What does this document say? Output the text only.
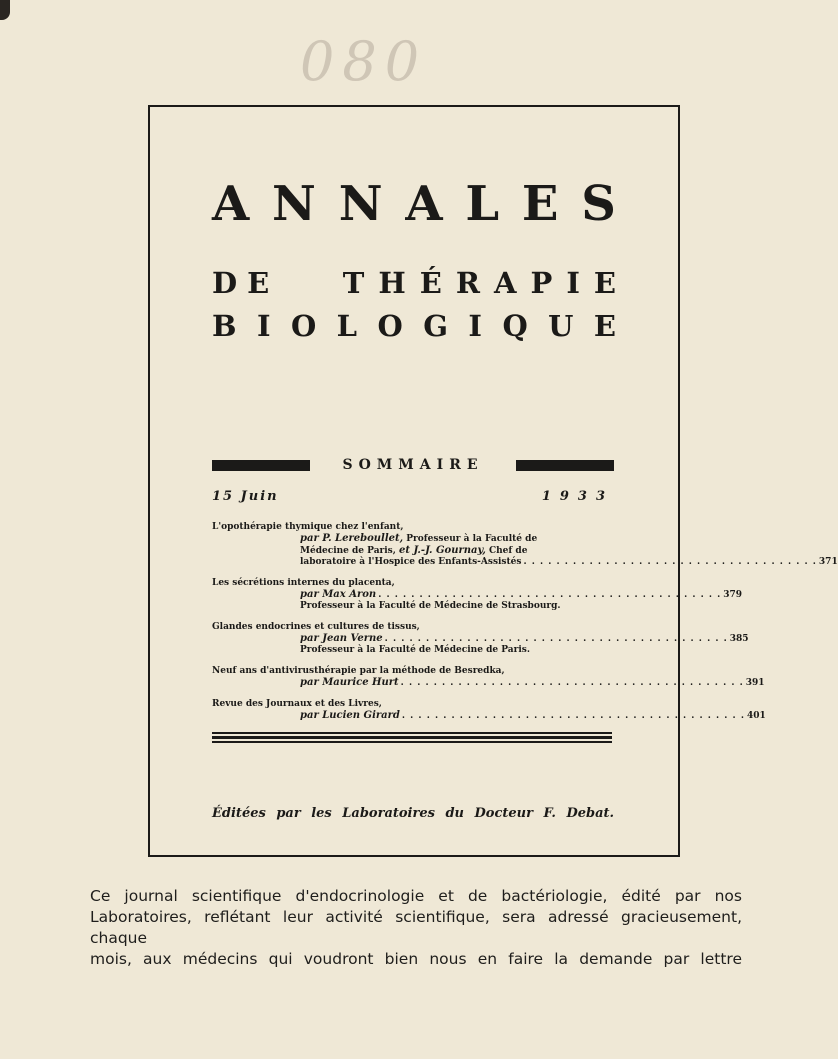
080
A N N A L E S
DE T H É R A P I E
B I O L O G I Q U E
SOMMAIRE
15 Juin	1933
L'opothérapie thymique chez l'enfant,
par P. Lereboullet, Professeur à la Faculté de
Médecine de Paris, et J.-J. Gournay, Chef de
laboratoire à l'Hospice des Enfants-Assistés . . . . . . . . . . . . . . . . . . . . . . . . . . . . . . . . . . . . 371
Les sécrétions internes du placenta,
par Max Aron . . . . . . . . . . . . . . . . . . . . . . . . . . . . . . . . . . . . . . . . . . 379
Professeur à la Faculté de Médecine de Strasbourg.
Glandes endocrines et cultures de tissus,
par Jean Verne . . . . . . . . . . . . . . . . . . . . . . . . . . . . . . . . . . . . . . . . . . 385
Professeur à la Faculté de Médecine de Paris.
Neuf ans d'antivirusthérapie par la méthode de Besredka,
par Maurice Hurt . . . . . . . . . . . . . . . . . . . . . . . . . . . . . . . . . . . . . . . . . . 391
Revue des Journaux et des Livres,
par Lucien Girard . . . . . . . . . . . . . . . . . . . . . . . . . . . . . . . . . . . . . . . . . . 401
Éditées par les Laboratoires du Docteur F. Debat.
Ce journal scientifique d'endocrinologie et de bactériologie, édité par nos
Laboratoires, reflétant leur activité scientifique, sera adressé gracieusement, chaque
mois, aux médecins qui voudront bien nous en faire la demande par lettre
